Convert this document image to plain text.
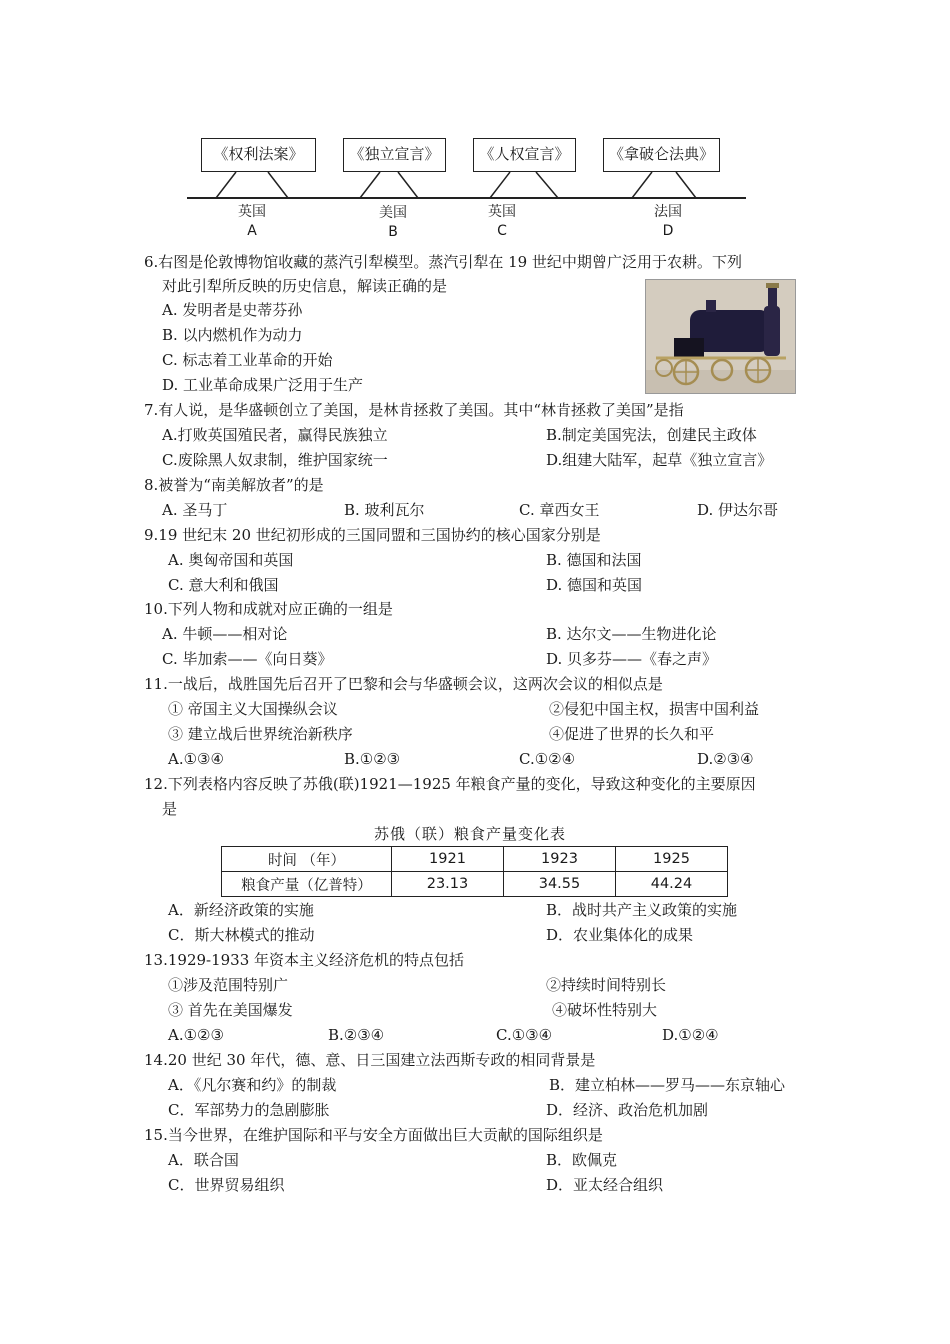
《权利法案》	《独立宣言》	《人权宣言》	《拿破仑法典》
英国	美国	英国	法国
A	B	C	D
6.右图是伦敦博物馆收藏的蒸汽引犁模型。蒸汽引犁在 19 世纪中期曾广泛用于农耕。下列
对此引犁所反映的历史信息，解读正确的是
A. 发明者是史蒂芬孙
B. 以内燃机作为动力
C. 标志着工业革命的开始
D. 工业革命成果广泛用于生产
7.有人说，是华盛顿创立了美国，是林肯拯救了美国。其中“林肯拯救了美国”是指
A.打败英国殖民者，赢得民族独立	B.制定美国宪法，创建民主政体
C.废除黑人奴隶制，维护国家统一	D.组建大陆军，起草《独立宣言》
8.被誉为“南美解放者”的是
A. 圣马丁	B. 玻利瓦尔	C. 章西女王	D. 伊达尔哥
9.19 世纪末 20 世纪初形成的三国同盟和三国协约的核心国家分别是
A. 奥匈帝国和英国	B. 德国和法国
C. 意大利和俄国	D. 德国和英国
10.下列人物和成就对应正确的一组是
A. 牛顿——相对论	B. 达尔文——生物进化论
C. 毕加索——《向日葵》	D. 贝多芬——《春之声》
11.一战后，战胜国先后召开了巴黎和会与华盛顿会议，这两次会议的相似点是
① 帝国主义大国操纵会议	②侵犯中国主权，损害中国利益
③ 建立战后世界统治新秩序	④促进了世界的长久和平
A.①③④	B.①②③	C.①②④	D.②③④
12.下列表格内容反映了苏俄(联)1921—1925 年粮食产量的变化，导致这种变化的主要原因
是
苏俄（联）粮食产量变化表
时间 （年）	1921	1923	1925
粮食产量（亿普特）	23.13	34.55	44.24
A．新经济政策的实施	B．战时共产主义政策的实施
C．斯大林模式的推动	D．农业集体化的成果
13.1929-1933 年资本主义经济危机的特点包括
①涉及范围特别广	②持续时间特别长
③ 首先在美国爆发	④破坏性特别大
A.①②③	B.②③④	C.①③④	D.①②④
14.20 世纪 30 年代，德、意、日三国建立法西斯专政的相同背景是
A．《凡尔赛和约》的制裁	B．建立柏林——罗马——东京轴心
C．军部势力的急剧膨胀	D．经济、政治危机加剧
15.当今世界，在维护国际和平与安全方面做出巨大贡献的国际组织是
A．联合国	B．欧佩克
C．世界贸易组织	D．亚太经合组织
